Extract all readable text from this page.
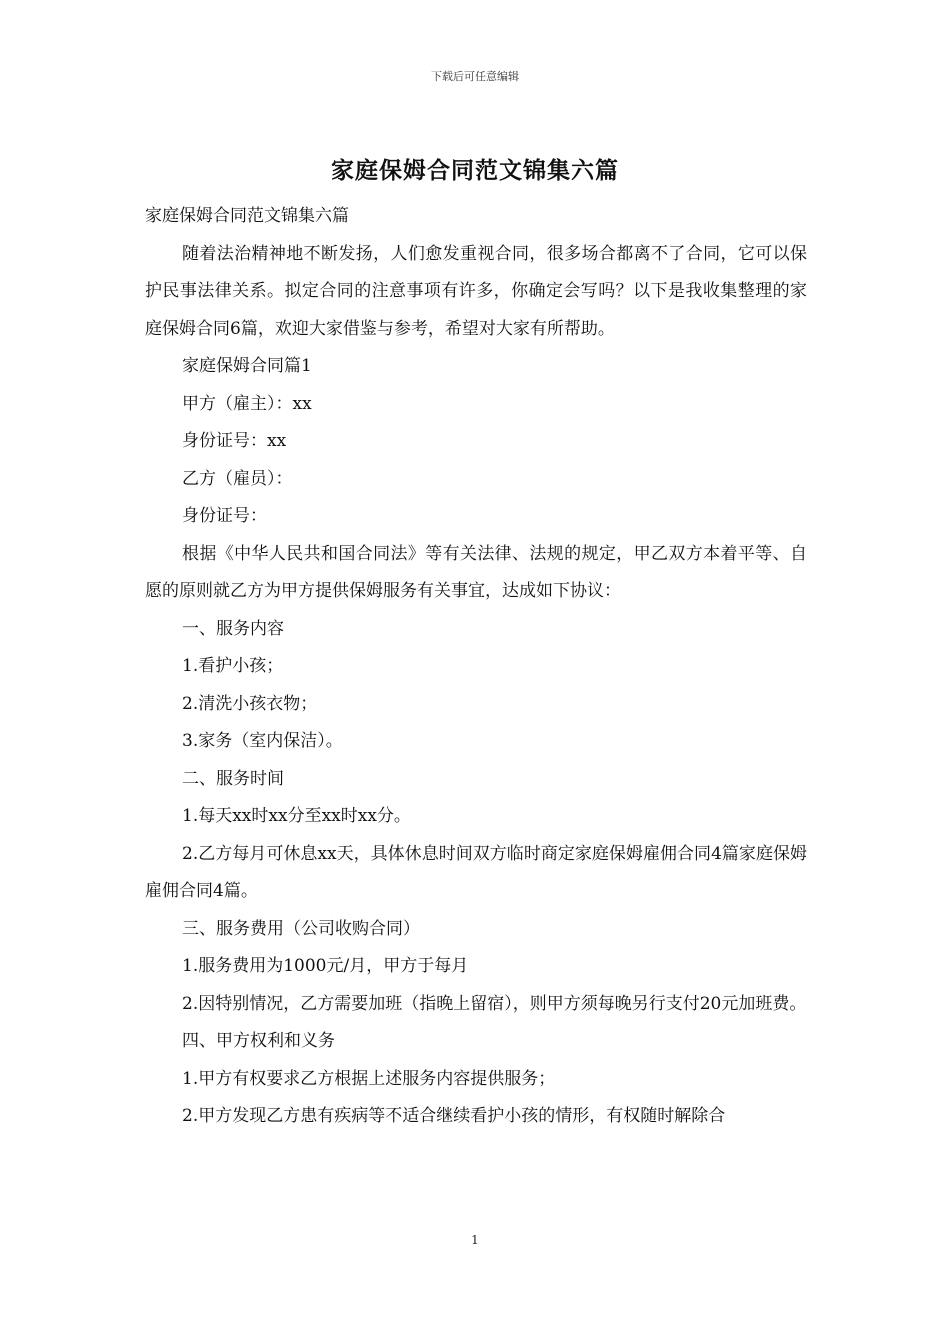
下载后可任意编辑
家庭保姆合同范文锦集六篇

家庭保姆合同范文锦集六篇

随着法治精神地不断发扬，人们愈发重视合同，很多场合都离不了合同，它可以保护民事法律关系。拟定合同的注意事项有许多，你确定会写吗？以下是我收集整理的家庭保姆合同6篇，欢迎大家借鉴与参考，希望对大家有所帮助。

家庭保姆合同篇1

甲方（雇主）：xx

身份证号：xx

乙方（雇员）：

身份证号：

根据《中华人民共和国合同法》等有关法律、法规的规定，甲乙双方本着平等、自愿的原则就乙方为甲方提供保姆服务有关事宜，达成如下协议：

一、服务内容

1.看护小孩；

2.清洗小孩衣物；

3.家务（室内保洁）。

二、服务时间

1.每天xx时xx分至xx时xx分。

2.乙方每月可休息xx天，具体休息时间双方临时商定家庭保姆雇佣合同4篇家庭保姆雇佣合同4篇。

三、服务费用（公司收购合同）

1.服务费用为1000元/月，甲方于每月

2.因特别情况，乙方需要加班（指晚上留宿），则甲方须每晚另行支付20元加班费。

四、甲方权利和义务

1.甲方有权要求乙方根据上述服务内容提供服务；

2.甲方发现乙方患有疾病等不适合继续看护小孩的情形，有权随时解除合

1
